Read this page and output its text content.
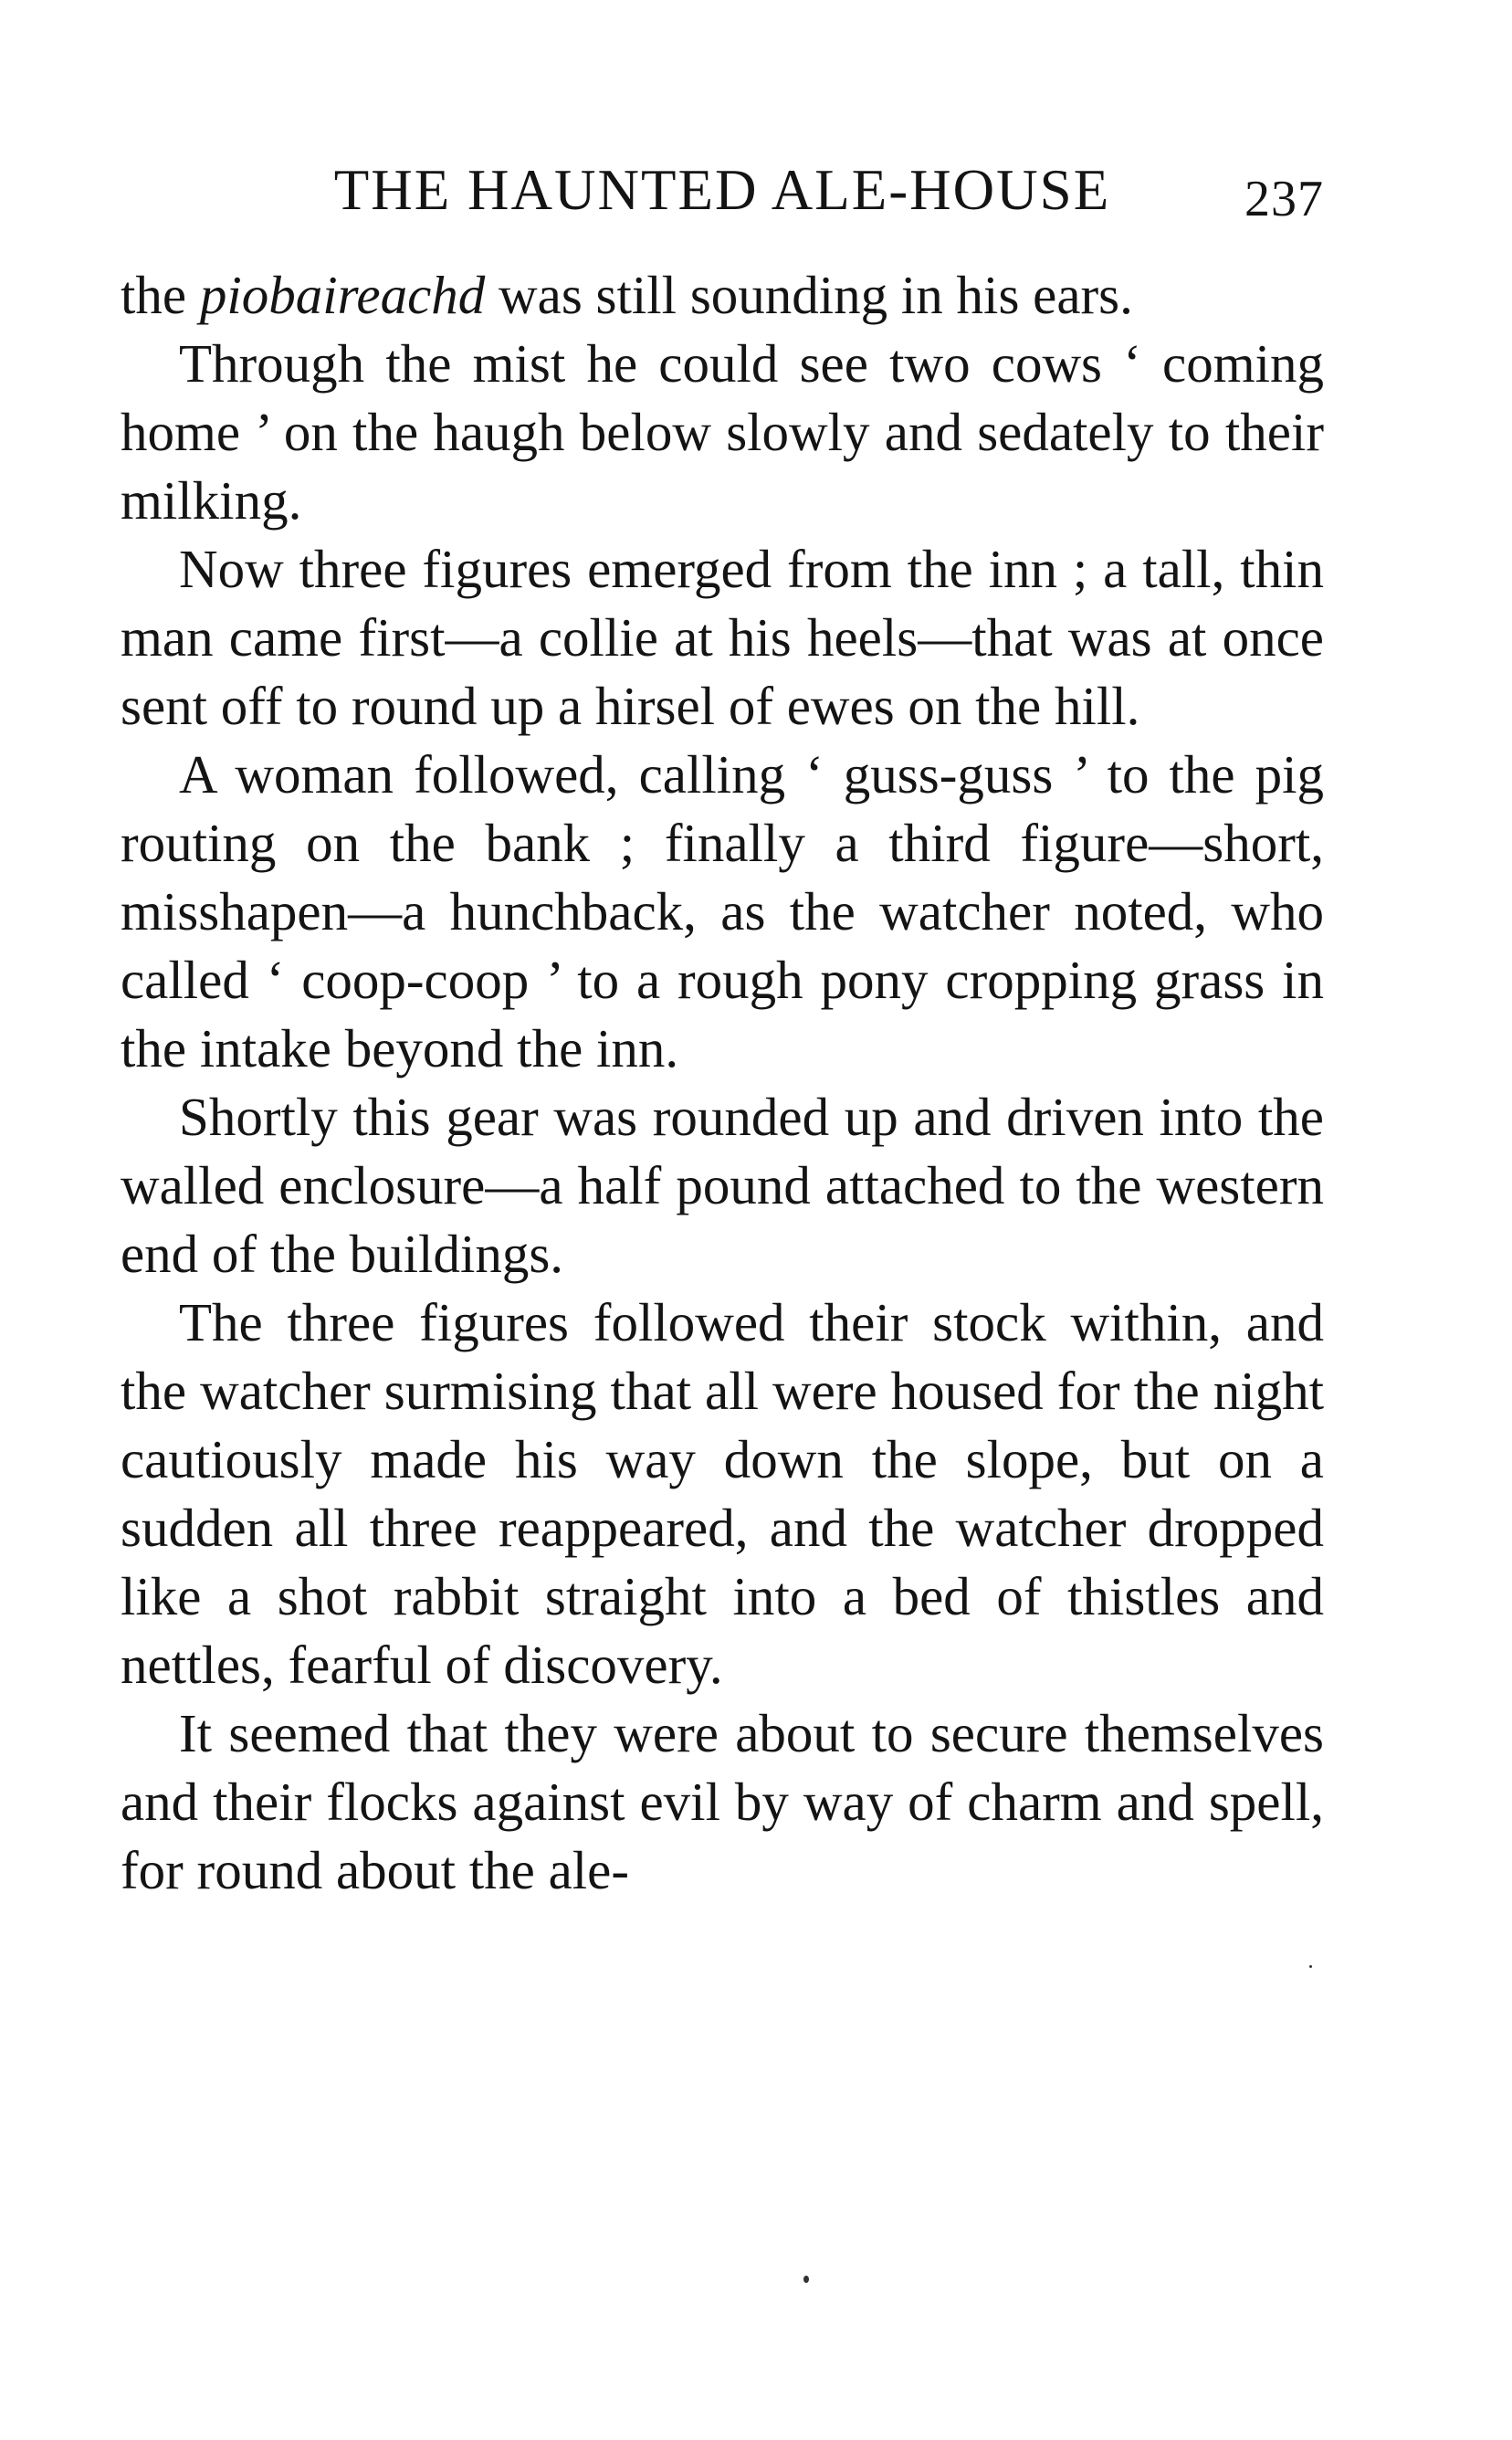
THE HAUNTED ALE-HOUSE	237

the piobaireachd was still sounding in his ears.

Through the mist he could see two cows ‘ coming home ’ on the haugh below slowly and sedately to their milking.

Now three figures emerged from the inn ; a tall, thin man came first—a collie at his heels—that was at once sent off to round up a hirsel of ewes on the hill.

A woman followed, calling ‘ guss-guss ’ to the pig routing on the bank ; finally a third figure—short, misshapen—a hunchback, as the watcher noted, who called ‘ coop-coop ’ to a rough pony cropping grass in the intake beyond the inn.

Shortly this gear was rounded up and driven into the walled enclosure—a half pound attached to the western end of the buildings.

The three figures followed their stock within, and the watcher surmising that all were housed for the night cautiously made his way down the slope, but on a sudden all three reappeared, and the watcher dropped like a shot rabbit straight into a bed of thistles and nettles, fearful of discovery.

It seemed that they were about to secure themselves and their flocks against evil by way of charm and spell, for round about the ale-
